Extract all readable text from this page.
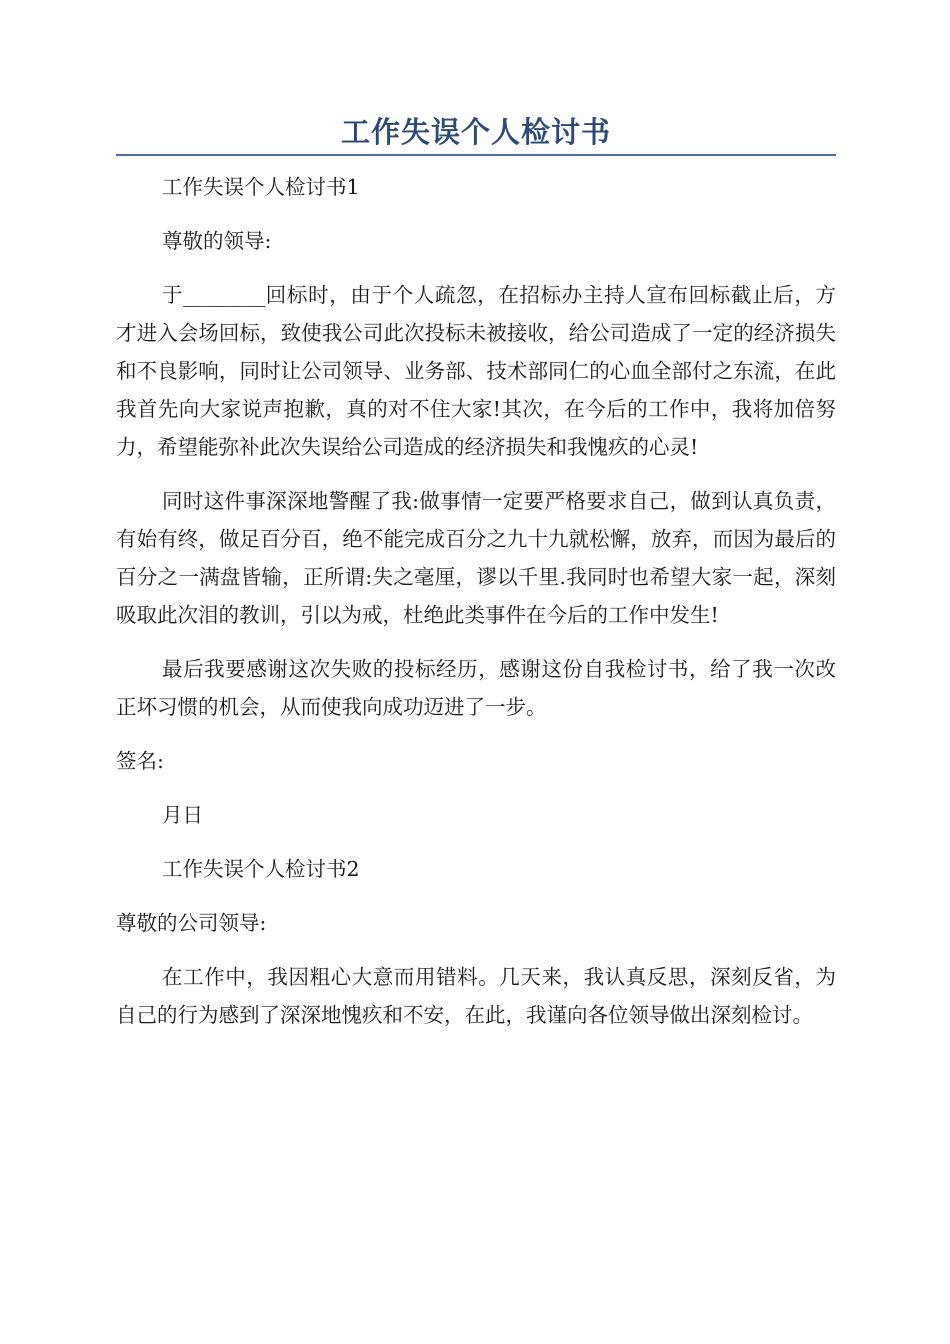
工作失误个人检讨书

工作失误个人检讨书1

尊敬的领导:

于________回标时，由于个人疏忽，在招标办主持人宣布回标截止后，方才进入会场回标，致使我公司此次投标未被接收，给公司造成了一定的经济损失和不良影响，同时让公司领导、业务部、技术部同仁的心血全部付之东流，在此我首先向大家说声抱歉，真的对不住大家!其次，在今后的工作中，我将加倍努力，希望能弥补此次失误给公司造成的经济损失和我愧疚的心灵!

同时这件事深深地警醒了我:做事情一定要严格要求自己，做到认真负责，有始有终，做足百分百，绝不能完成百分之九十九就松懈，放弃，而因为最后的百分之一满盘皆输，正所谓:失之毫厘，谬以千里.我同时也希望大家一起，深刻吸取此次泪的教训，引以为戒，杜绝此类事件在今后的工作中发生!

最后我要感谢这次失败的投标经历，感谢这份自我检讨书，给了我一次改正坏习惯的机会，从而使我向成功迈进了一步。

签名:

月日

工作失误个人检讨书2

尊敬的公司领导:

在工作中，我因粗心大意而用错料。几天来，我认真反思，深刻反省，为自己的行为感到了深深地愧疚和不安，在此，我谨向各位领导做出深刻检讨。
